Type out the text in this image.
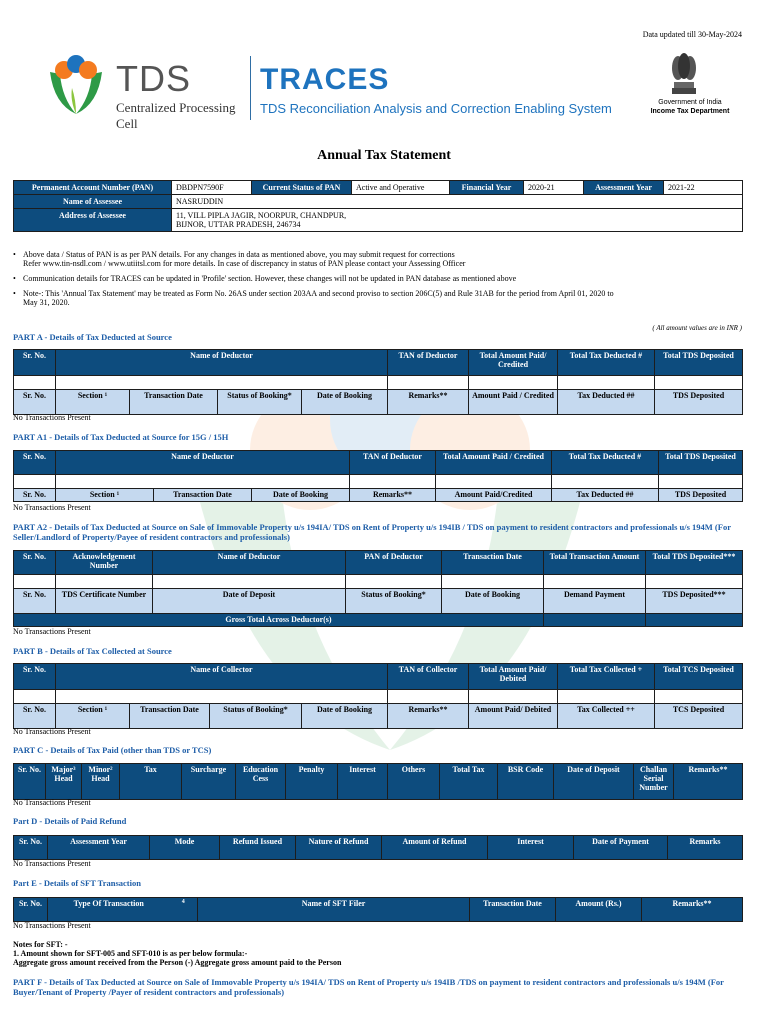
Data updated till 30-May-2024
TDS
Centralized Processing Cell
TRACES
TDS Reconciliation Analysis and Correction Enabling System	Government of India
Income Tax Department
Annual Tax Statement
Permanent Account Number (PAN)	DBDPN7590F	Current Status of PAN	Active and Operative	Financial Year	2020-21	Assessment Year	2021-22
Name of Assessee	NASRUDDIN						
Address of Assessee	11, VILL PIPLA JAGIR, NOORPUR, CHANDPUR,
BIJNOR, UTTAR PRADESH, 246734						
• Above data / Status of PAN is as per PAN details. For any changes in data as mentioned above, you may submit request for corrections
Refer www.tin-nsdl.com / www.utiitsl.com for more details. In case of discrepancy in status of PAN please contact your Assessing Officer
• Communication details for TRACES can be updated in 'Profile' section. However, these changes will not be updated in PAN database as mentioned above
• Note-: This 'Annual Tax Statement' may be treated as Form No. 26AS under section 203AA and second proviso to section 206C(5) and Rule 31AB for the period from April 01, 2020 to
May 31, 2020.
( All amount values are in INR )
PART A - Details of Tax Deducted at Source
Sr. No.	Name of Deductor				TAN of Deductor	Total Amount Paid/ Credited	Total Tax Deducted #	Total TDS Deposited

Sr. No.	Section ¹	Transaction Date	Status of Booking*	Date of Booking	Remarks**	Amount Paid / Credited	Tax Deducted ##	TDS Deposited
No Transactions Present
PART A1 - Details of Tax Deducted at Source for 15G / 15H
Sr. No.	Name of Deductor			TAN of Deductor	Total Amount Paid / Credited	Total Tax Deducted #	Total TDS Deposited

Sr. No.	Section ¹	Transaction Date	Date of Booking	Remarks**	Amount Paid/Credited	Tax Deducted ##	TDS Deposited
No Transactions Present
PART A2 - Details of Tax Deducted at Source on Sale of Immovable Property u/s 194IA/ TDS on Rent of Property u/s 194IB / TDS on payment to resident contractors and professionals u/s 194M (For Seller/Landlord of Property/Payee of resident contractors and professionals)
Sr. No.	Acknowledgement Number	Name of Deductor	PAN of Deductor	Transaction Date	Total Transaction Amount	Total TDS Deposited***

Sr. No.	TDS Certificate Number	Date of Deposit	Status of Booking*	Date of Booking	Demand Payment	TDS Deposited***
Gross Total Across Deductor(s)						
No Transactions Present
PART B - Details of Tax Collected at Source
Sr. No.	Name of Collector				TAN of Collector	Total Amount Paid/ Debited	Total Tax Collected +	Total TCS Deposited

Sr. No.	Section ¹	Transaction Date	Status of Booking*	Date of Booking	Remarks**	Amount Paid/ Debited	Tax Collected ++	TCS Deposited
No Transactions Present
PART C - Details of Tax Paid (other than TDS or TCS)
Sr. No.	Major³ Head	Minor² Head	Tax	Surcharge	Education Cess	Penalty	Interest	Others	Total Tax	BSR Code	Date of Deposit	Challan Serial Number	Remarks**
No Transactions Present
Part D - Details of Paid Refund
Sr. No.	Assessment Year	Mode	Refund Issued	Nature of Refund	Amount of Refund	Interest	Date of Payment	Remarks
No Transactions Present
Part E - Details of SFT Transaction
Sr. No.	Type Of Transaction	4	Name of SFT Filer	Transaction Date	Amount (Rs.)	Remarks**
No Transactions Present
Notes for SFT: -
1. Amount shown for SFT-005 and SFT-010 is as per below formula:-
Aggregate gross amount received from the Person (-) Aggregate gross amount paid to the Person
PART F - Details of Tax Deducted at Source on Sale of Immovable Property u/s 194IA/ TDS on Rent of Property u/s 194IB /TDS on payment to resident contractors and professionals u/s 194M (For Buyer/Tenant of Property /Payer of resident contractors and professionals)
